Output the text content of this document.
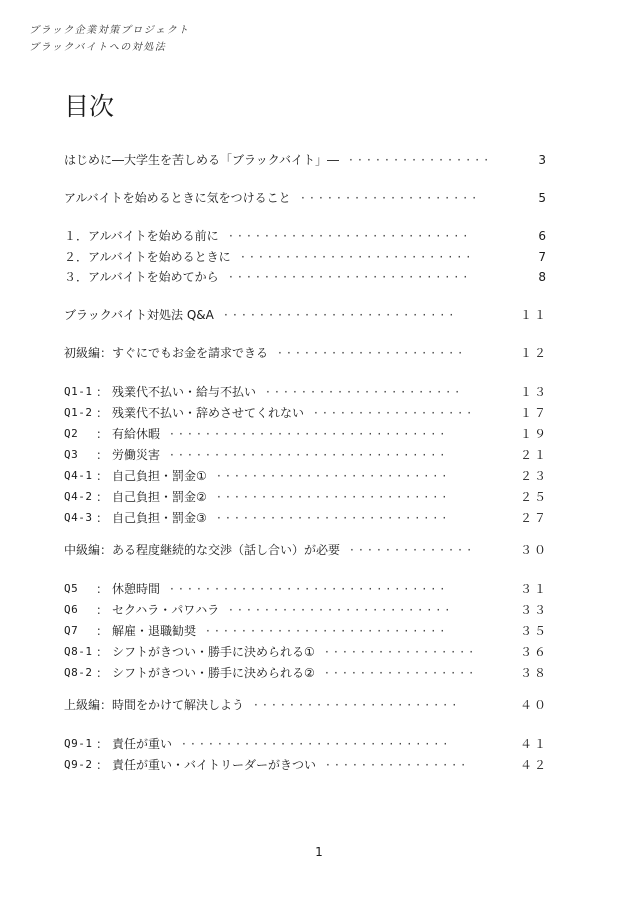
ブラック企業対策プロジェクト
ブラックバイトへの対処法
目次
はじめに―大学生を苦しめる「ブラックバイト」―	3
················
アルバイトを始めるときに気をつけること	5
····················
１．アルバイトを始める前に	6
···························
２．アルバイトを始めるときに	7
··························
３．アルバイトを始めてから	8
···························
ブラックバイト対処法 Q&A	１１
··························
初級編：すぐにでもお金を請求できる	１２
·····················
Q1-1 ： 残業代不払い・給与不払い	１３
······················
Q1-2 ： 残業代不払い・辞めさせてくれない	１７
··················
Q2 ： 有給休暇	１９
·······························
Q3 ： 労働災害	２１
·······························
Q4-1 ： 自己負担・罰金①	２３
··························
Q4-2 ： 自己負担・罰金②	２５
··························
Q4-3 ： 自己負担・罰金③	２７
··························
中級編：ある程度継続的な交渉（話し合い）が必要	３０
··············
Q5 ： 休憩時間	３１
·······························
Q6 ： セクハラ・パワハラ	３３
·························
Q7 ： 解雇・退職勧奨	３５
···························
Q8-1 ： シフトがきつい・勝手に決められる①	３６
·················
Q8-2 ： シフトがきつい・勝手に決められる②	３８
·················
上級編：時間をかけて解決しよう	４０
·······················
Q9-1 ： 責任が重い	４１
······························
Q9-2 ： 責任が重い・バイトリーダーがきつい	４２
················
1
